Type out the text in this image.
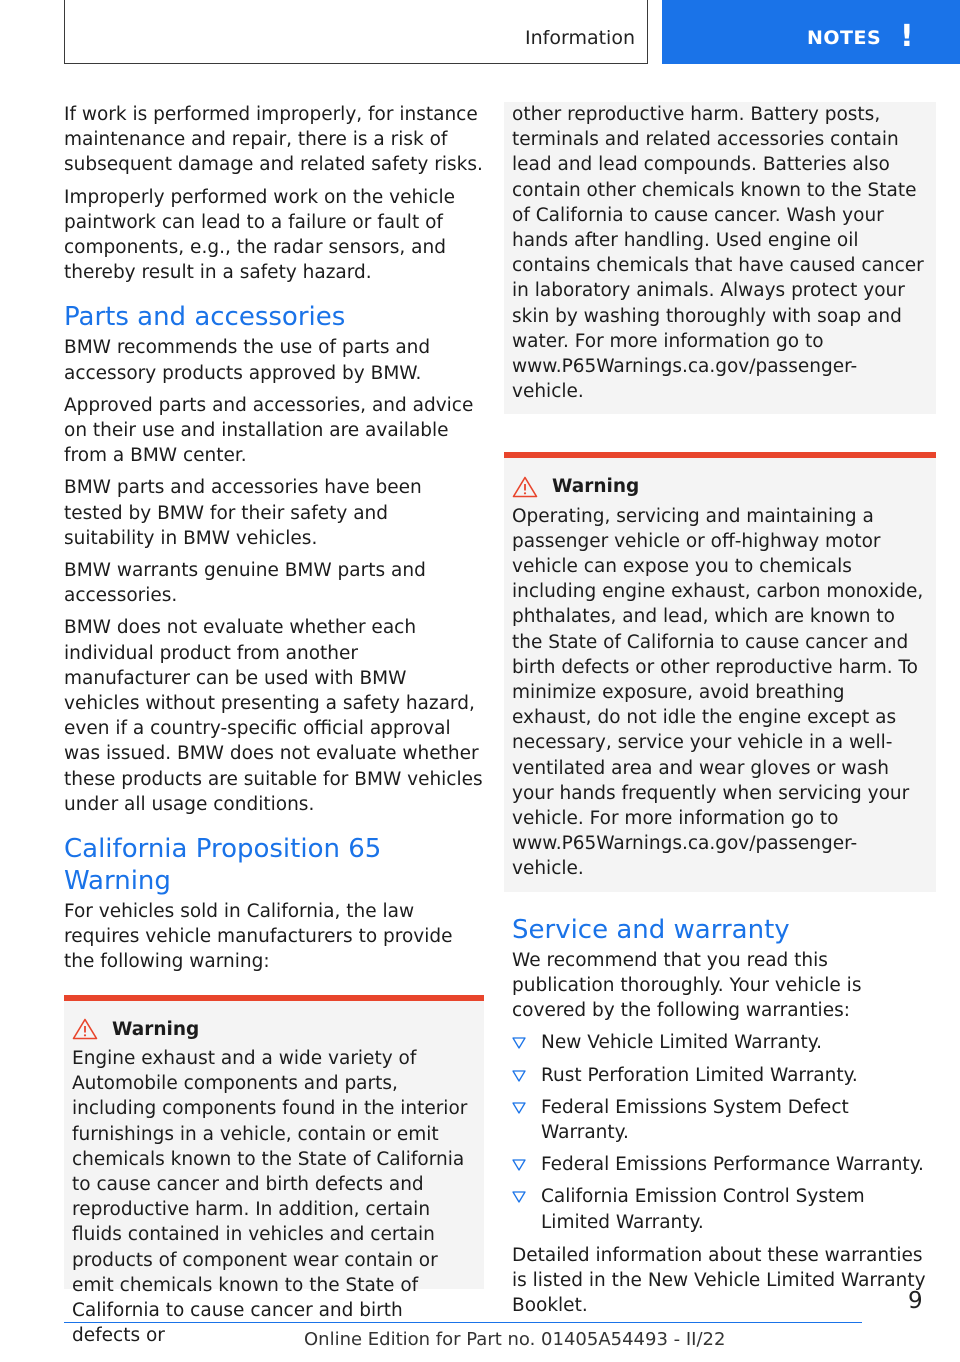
Information	NOTES !

If work is performed improperly, for instance maintenance and repair, there is a risk of subsequent damage and related safety risks.

Improperly performed work on the vehicle paintwork can lead to a failure or fault of components, e.g., the radar sensors, and thereby result in a safety hazard.

Parts and accessories

BMW recommends the use of parts and accessory products approved by BMW.

Approved parts and accessories, and advice on their use and installation are available from a BMW center.

BMW parts and accessories have been tested by BMW for their safety and suitability in BMW vehicles.

BMW warrants genuine BMW parts and accessories.

BMW does not evaluate whether each individual product from another manufacturer can be used with BMW vehicles without presenting a safety hazard, even if a country-specific official approval was issued. BMW does not evaluate whether these products are suitable for BMW vehicles under all usage conditions.

California Proposition 65 Warning

For vehicles sold in California, the law requires vehicle manufacturers to provide the following warning:

Warning
Engine exhaust and a wide variety of Automobile components and parts, including components found in the interior furnishings in a vehicle, contain or emit chemicals known to the State of California to cause cancer and birth defects and reproductive harm. In addition, certain fluids contained in vehicles and certain products of component wear contain or emit chemicals known to the State of California to cause cancer and birth defects or
other reproductive harm. Battery posts, terminals and related accessories contain lead and lead compounds. Batteries also contain other chemicals known to the State of California to cause cancer. Wash your hands after handling. Used engine oil contains chemicals that have caused cancer in laboratory animals. Always protect your skin by washing thoroughly with soap and water. For more information go to www.P65Warnings.ca.gov/passenger-vehicle.
Warning
Operating, servicing and maintaining a passenger vehicle or off-highway motor vehicle can expose you to chemicals including engine exhaust, carbon monoxide, phthalates, and lead, which are known to the State of California to cause cancer and birth defects or other reproductive harm. To minimize exposure, avoid breathing exhaust, do not idle the engine except as necessary, service your vehicle in a well-ventilated area and wear gloves or wash your hands frequently when servicing your vehicle. For more information go to www.P65Warnings.ca.gov/passenger-vehicle.
Service and warranty

We recommend that you read this publication thoroughly. Your vehicle is covered by the following warranties:

New Vehicle Limited Warranty.
Rust Perforation Limited Warranty.
Federal Emissions System Defect Warranty.
Federal Emissions Performance Warranty.
California Emission Control System Limited Warranty.

Detailed information about these warranties is listed in the New Vehicle Limited Warranty Booklet.	9
Online Edition for Part no. 01405A54493 - II/22
